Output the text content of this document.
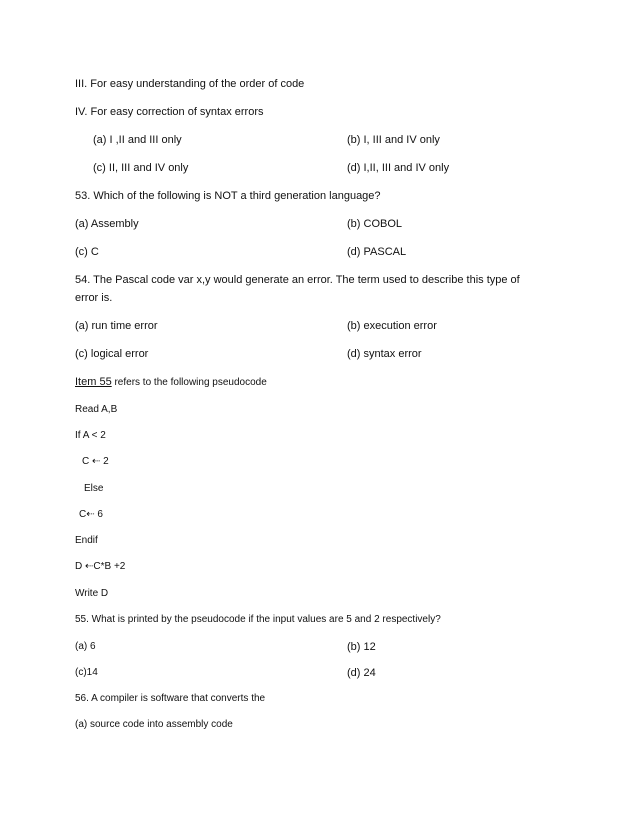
III. For easy understanding of the order of code
IV. For easy correction of syntax errors
(a) I ,II and III only	(b) I, III and IV only
(c) II, III and IV only	(d) I,II, III and IV only
53. Which of the following is NOT a third generation language?
(a) Assembly	(b) COBOL
(c) C	(d) PASCAL
54. The Pascal code var x,y would generate an error. The term used to describe this type of
error is.
(a) run time error	(b) execution error
(c) logical error	(d) syntax error
Item 55 refers to the following pseudocode
Read A,B
If A < 2
C ⇠ 2
Else
C⇠ 6
Endif
D ⇠C*B +2
Write D
55. What is printed by the pseudocode if the input values are 5 and 2 respectively?
(a) 6	(b) 12
(c)14	(d) 24
56. A compiler is software that converts the
(a) source code into assembly code
